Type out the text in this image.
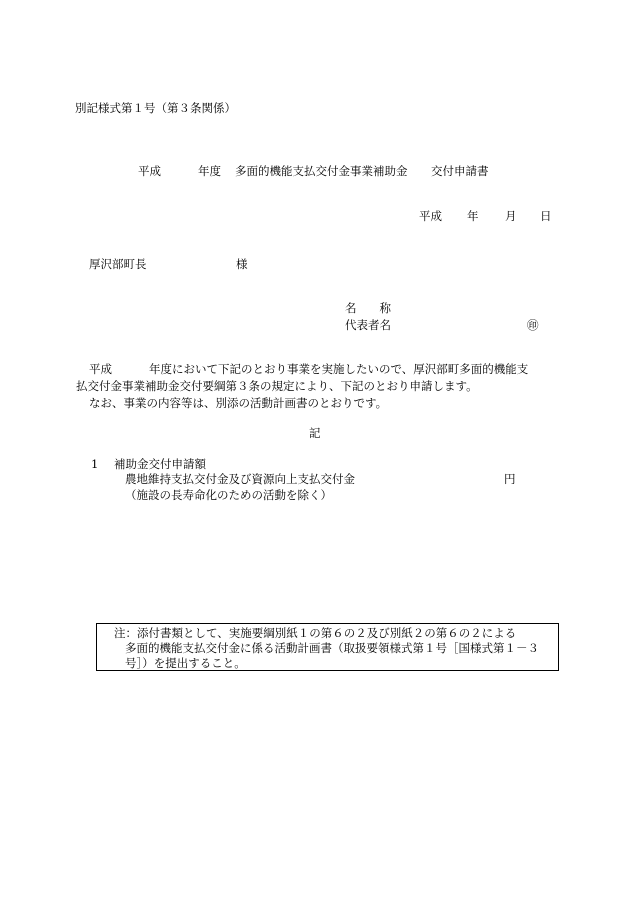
別記様式第１号（第３条関係）
平成	年度 多面的機能支払交付金事業補助金 交付申請書
平成 年 月 日
厚沢部町長	様
名　　称
代表者名	㊞
平成	年度において下記のとおり事業を実施したいので、厚沢部町多面的機能支
払交付金事業補助金交付要綱第３条の規定により、下記のとおり申請します。
なお、事業の内容等は、別添の活動計画書のとおりです。
記
1 補助金交付申請額
農地維持支払交付金及び資源向上支払交付金	円
（施設の長寿命化のための活動を除く）
注：添付書類として、実施要綱別紙１の第６の２及び別紙２の第６の２による
多面的機能支払交付金に係る活動計画書（取扱要領様式第１号［国様式第１－３
号］）を提出すること。
